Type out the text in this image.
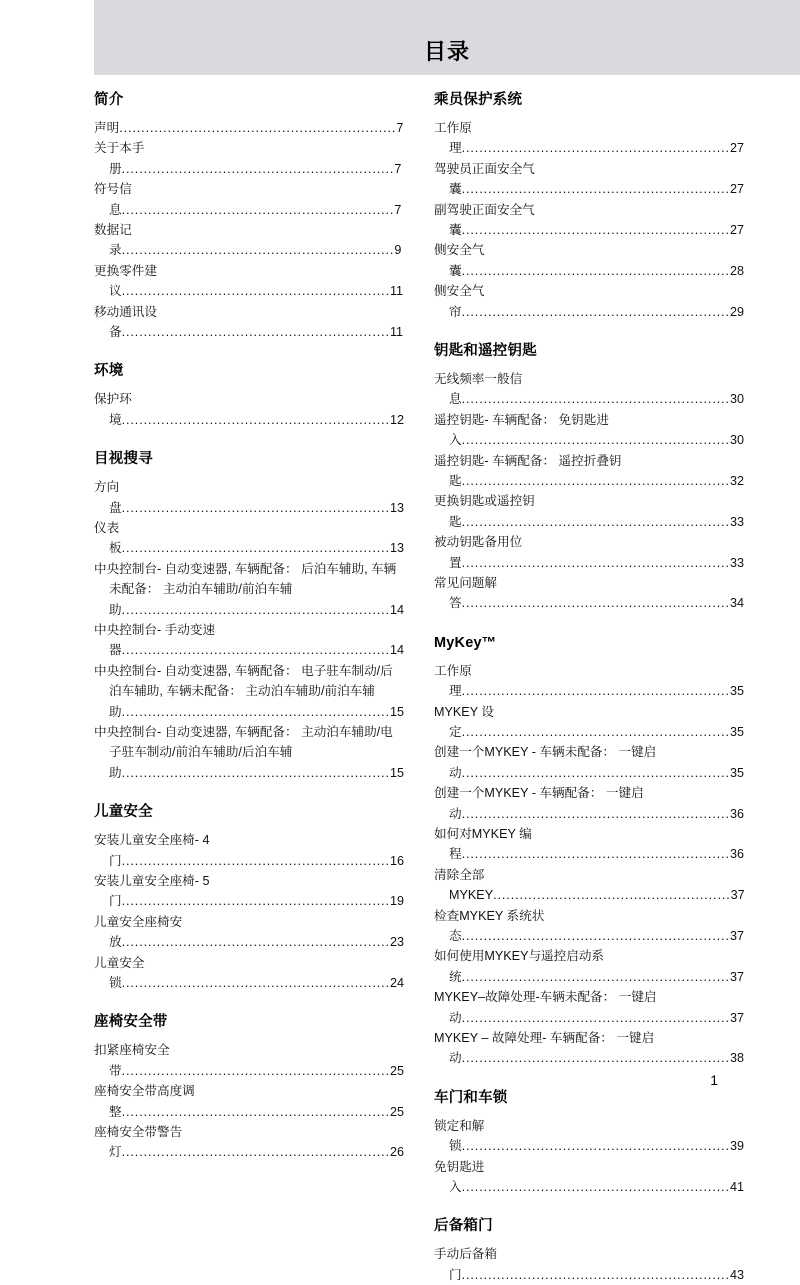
目录
简介
声明...............................................................7
关于本手册..............................................................7
符号信息..............................................................7
数据记录..............................................................9
更换零件建议.............................................................11
移动通讯设备.............................................................11
环境
保护环境.............................................................12
目视搜寻
方向盘.............................................................13
仪表板.............................................................13
中央控制台- 自动变速器, 车辆配备： 后泊车辅助, 车辆未配备： 主动泊车辅助/前泊车辅助.............................................................14
中央控制台- 手动变速器.............................................................14
中央控制台- 自动变速器, 车辆配备： 电子驻车制动/后泊车辅助, 车辆未配备： 主动泊车辅助/前泊车辅助.............................................................15
中央控制台- 自动变速器, 车辆配备： 主动泊车辅助/电子驻车制动/前泊车辅助/后泊车辅助.............................................................15
儿童安全
安装儿童安全座椅- 4门.............................................................16
安装儿童安全座椅- 5门.............................................................19
儿童安全座椅安放.............................................................23
儿童安全锁.............................................................24
座椅安全带
扣紧座椅安全带.............................................................25
座椅安全带高度调整.............................................................25
座椅安全带警告灯.............................................................26
乘员保护系统
工作原理.............................................................27
驾驶员正面安全气囊.............................................................27
副驾驶正面安全气囊.............................................................27
侧安全气囊.............................................................28
侧安全气帘.............................................................29
钥匙和遥控钥匙
无线频率一般信息.............................................................30
遥控钥匙- 车辆配备： 免钥匙进入.............................................................30
遥控钥匙- 车辆配备： 遥控折叠钥匙.............................................................32
更换钥匙或遥控钥匙.............................................................33
被动钥匙备用位置.............................................................33
常见问题解答.............................................................34
MyKey™
工作原理.............................................................35
MYKEY 设定.............................................................35
创建一个MYKEY - 车辆未配备： 一键启动.............................................................35
创建一个MYKEY - 车辆配备： 一键启动.............................................................36
如何对MYKEY 编程.............................................................36
清除全部MYKEY......................................................37
检查MYKEY 系统状态.............................................................37
如何使用MYKEY与遥控启动系统.............................................................37
MYKEY–故障处理-车辆未配备： 一键启动.............................................................37
MYKEY – 故障处理- 车辆配备： 一键启动.............................................................38
车门和车锁
锁定和解锁.............................................................39
免钥匙进入.............................................................41
后备箱门
手动后备箱门.............................................................43
1
